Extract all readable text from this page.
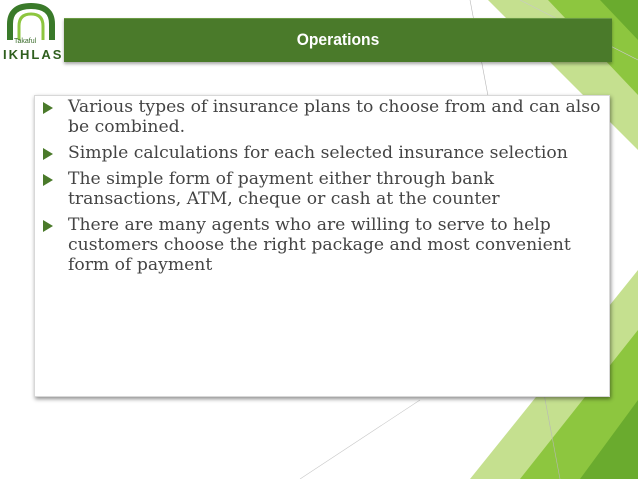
Takaful
IKHLAS
Operations
Various types of insurance plans to choose from and can also be combined.
Simple calculations for each selected insurance selection
The simple form of payment either through bank transactions, ATM, cheque or cash at the counter
There are many agents who are willing to serve to help customers choose the right package and most convenient form of payment
